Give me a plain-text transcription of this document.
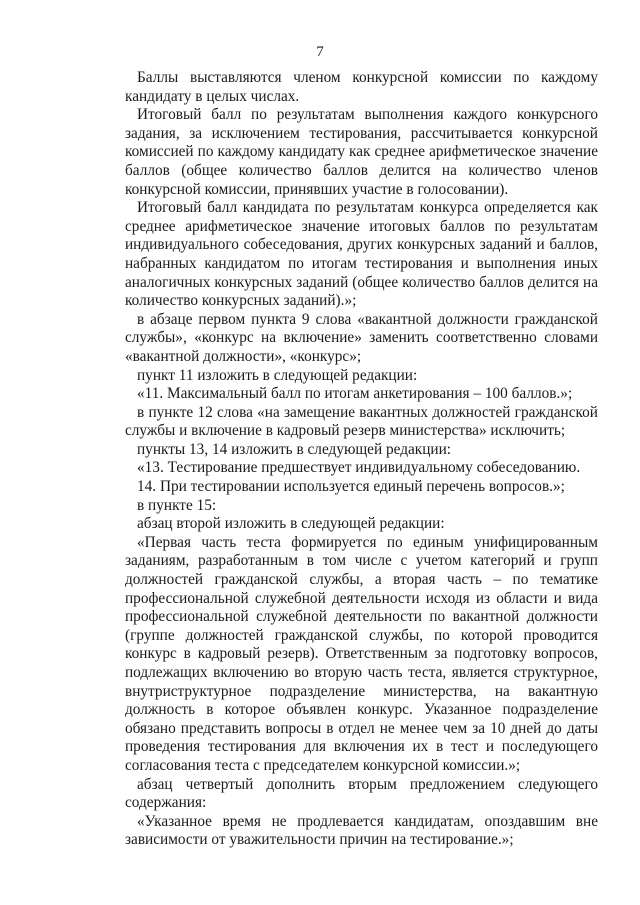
7

Баллы выставляются членом конкурсной комиссии по каждому кандидату в целых числах.

Итоговый балл по результатам выполнения каждого конкурсного задания, за исключением тестирования, рассчитывается конкурсной комиссией по каждому кандидату как среднее арифметическое значение баллов (общее количество баллов делится на количество членов конкурсной комиссии, принявших участие в голосовании).

Итоговый балл кандидата по результатам конкурса определяется как среднее арифметическое значение итоговых баллов по результатам индивидуального собеседования, других конкурсных заданий и баллов, набранных кандидатом по итогам тестирования и выполнения иных аналогичных конкурсных заданий (общее количество баллов делится на количество конкурсных заданий).»;

в абзаце первом пункта 9 слова «вакантной должности гражданской службы», «конкурс на включение» заменить соответственно словами «вакантной должности», «конкурс»;

пункт 11 изложить в следующей редакции:

«11. Максимальный балл по итогам анкетирования – 100 баллов.»;

в пункте 12 слова «на замещение вакантных должностей гражданской службы и включение в кадровый резерв министерства» исключить;

пункты 13, 14 изложить в следующей редакции:

«13. Тестирование предшествует индивидуальному собеседованию.

14. При тестировании используется единый перечень вопросов.»;

в пункте 15:

абзац второй изложить в следующей редакции:

«Первая часть теста формируется по единым унифицированным заданиям, разработанным в том числе с учетом категорий и групп должностей гражданской службы, а вторая часть – по тематике профессиональной служебной деятельности исходя из области и вида профессиональной служебной деятельности по вакантной должности (группе должностей гражданской службы, по которой проводится конкурс в кадровый резерв). Ответственным за подготовку вопросов, подлежащих включению во вторую часть теста, является структурное, внутриструктурное подразделение министерства, на вакантную должность в которое объявлен конкурс. Указанное подразделение обязано представить вопросы в отдел не менее чем за 10 дней до даты проведения тестирования для включения их в тест и последующего согласования теста с председателем конкурсной комиссии.»;

абзац четвертый дополнить вторым предложением следующего содержания:

«Указанное время не продлевается кандидатам, опоздавшим вне зависимости от уважительности причин на тестирование.»;
